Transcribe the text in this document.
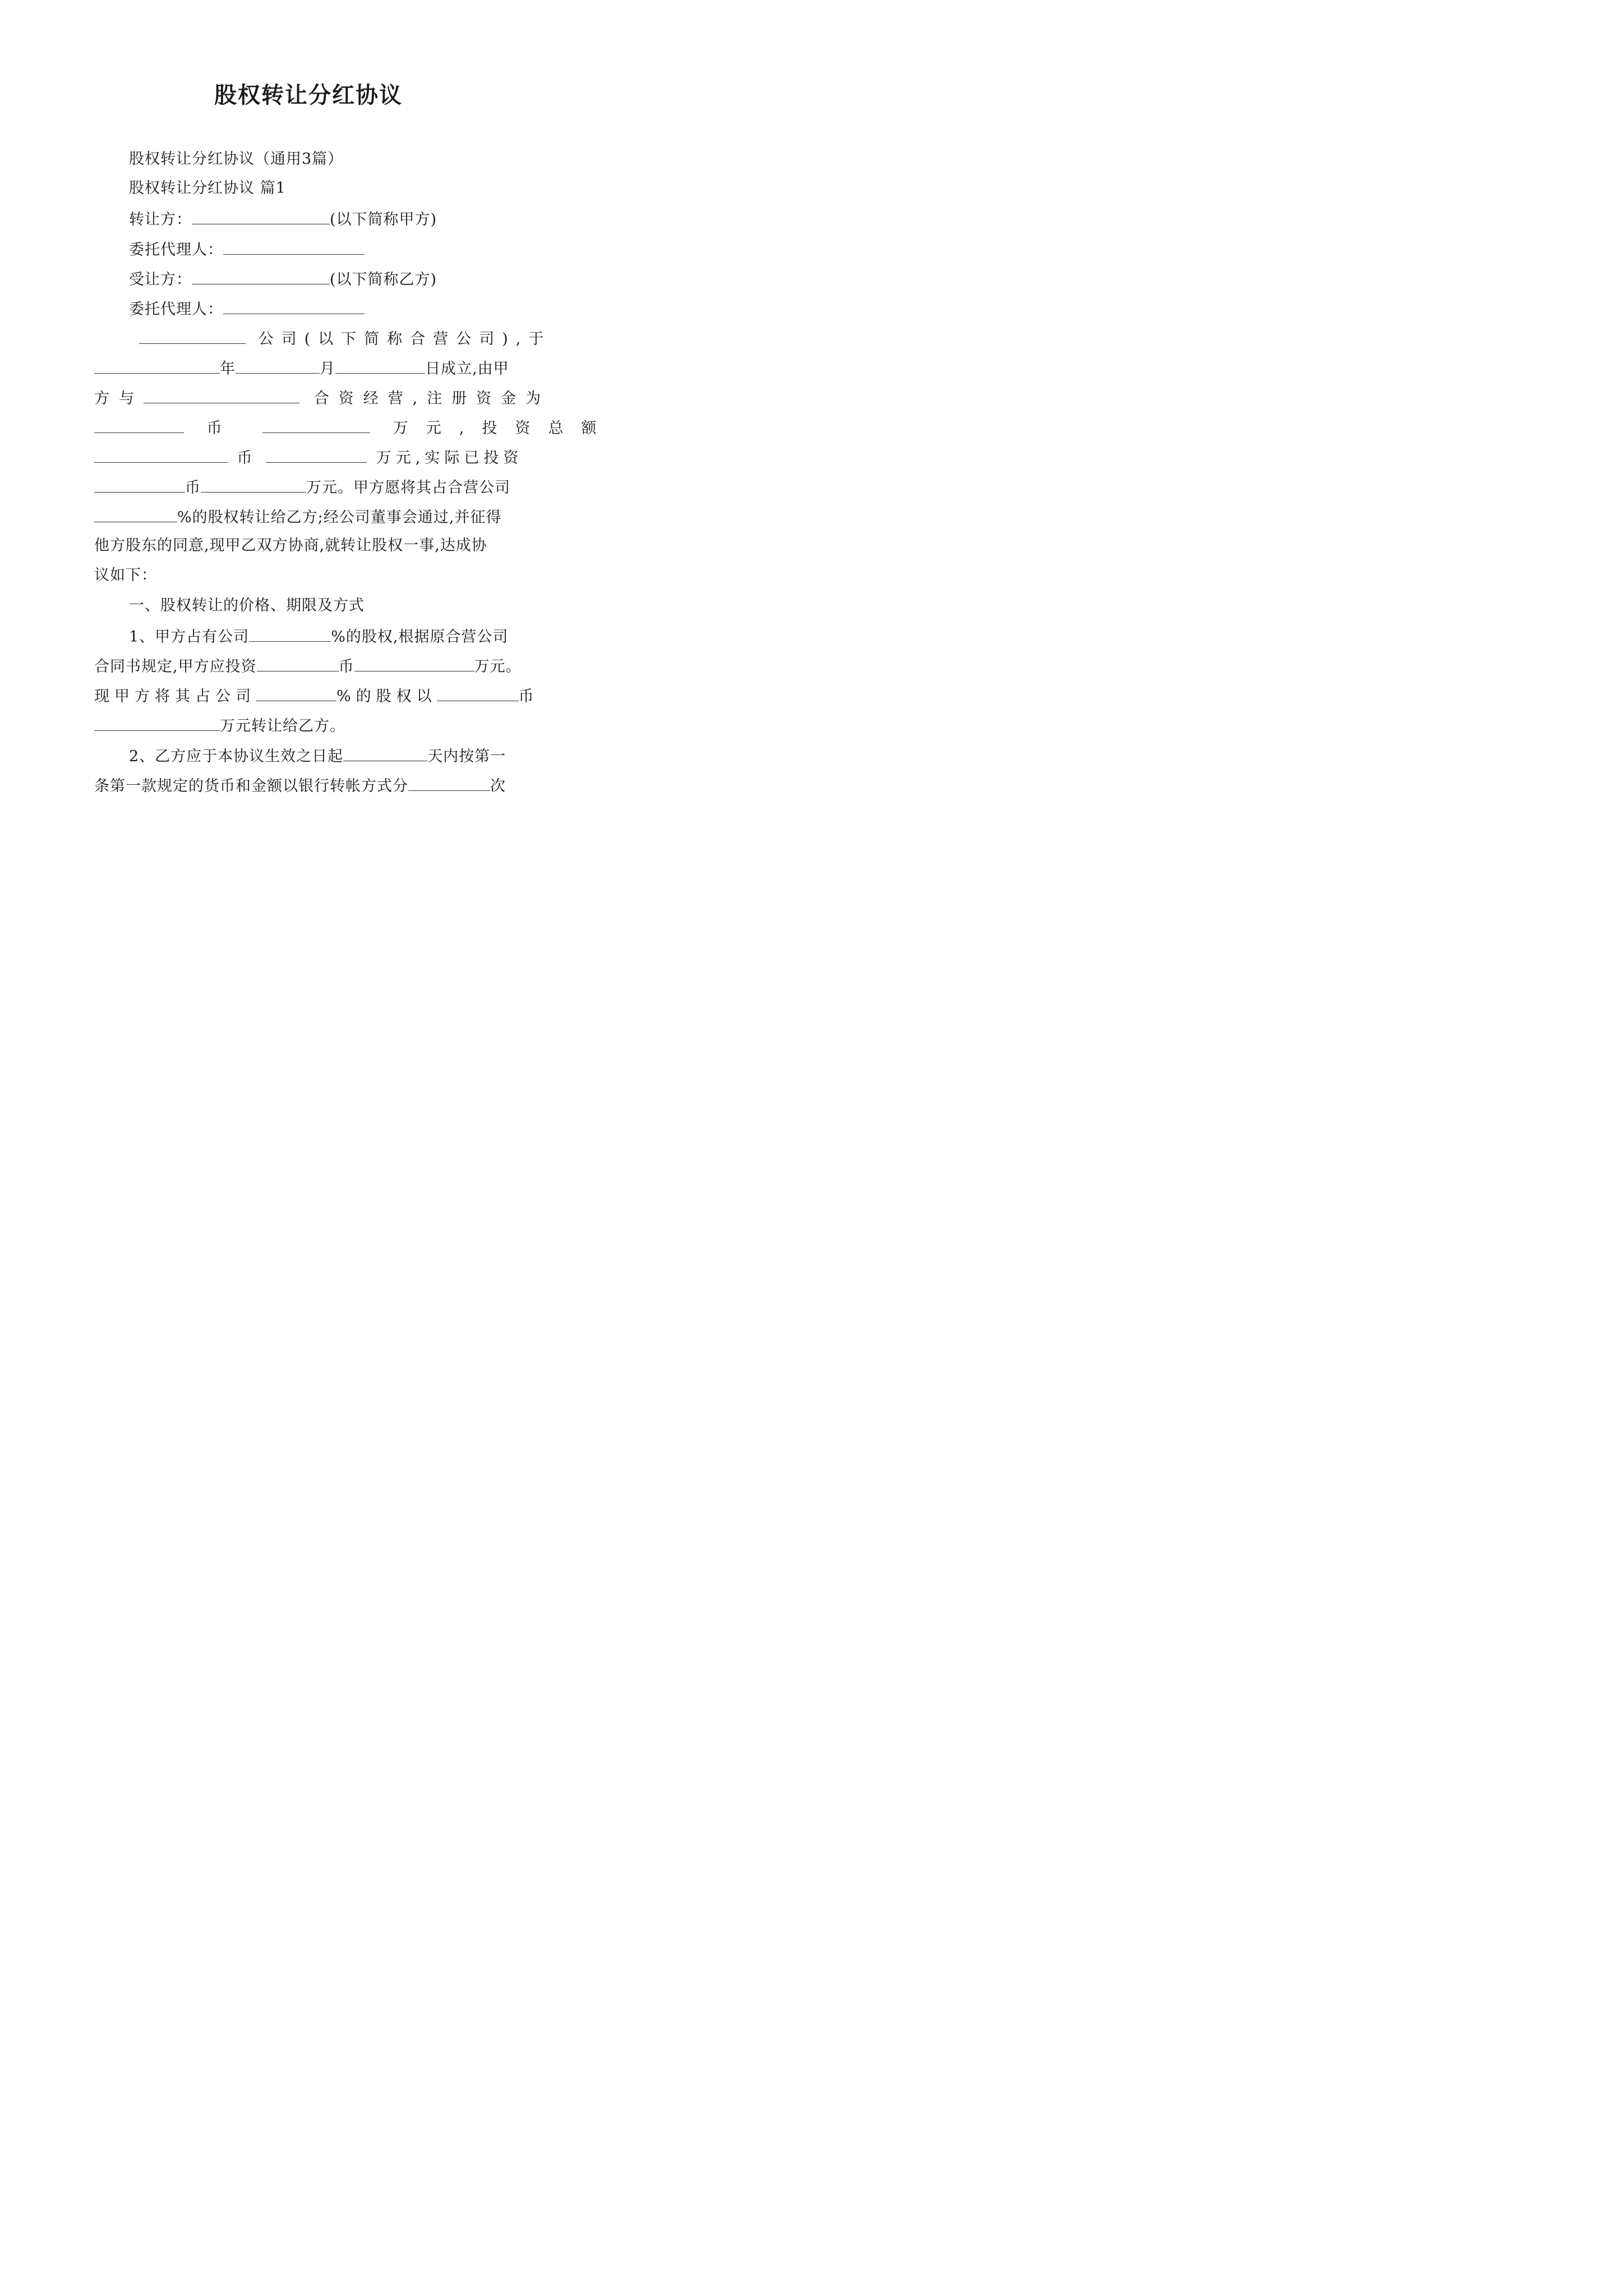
股权转让分红协议
股权转让分红协议（通用3篇）
股权转让分红协议 篇1
转让方：	(以下简称甲方)
委托代理人：
受让方：	(以下简称乙方)
委托代理人：
公司(以下简称合营公司),于
年	月	日成立,由甲
方与	合资经营,注册资金为
币	万元,投资总额
币	万元,实际已投资
币	万元。甲方愿将其占合营公司
%的股权转让给乙方;经公司董事会通过,并征得
他方股东的同意,现甲乙双方协商,就转让股权一事,达成协
议如下：
一、股权转让的价格、期限及方式
1、甲方占有公司	%的股权,根据原合营公司
合同书规定,甲方应投资	币	万元。
现甲方将其占公司	%的股权以	币
万元转让给乙方。
2、乙方应于本协议生效之日起	天内按第一
条第一款规定的货币和金额以银行转帐方式分	次
